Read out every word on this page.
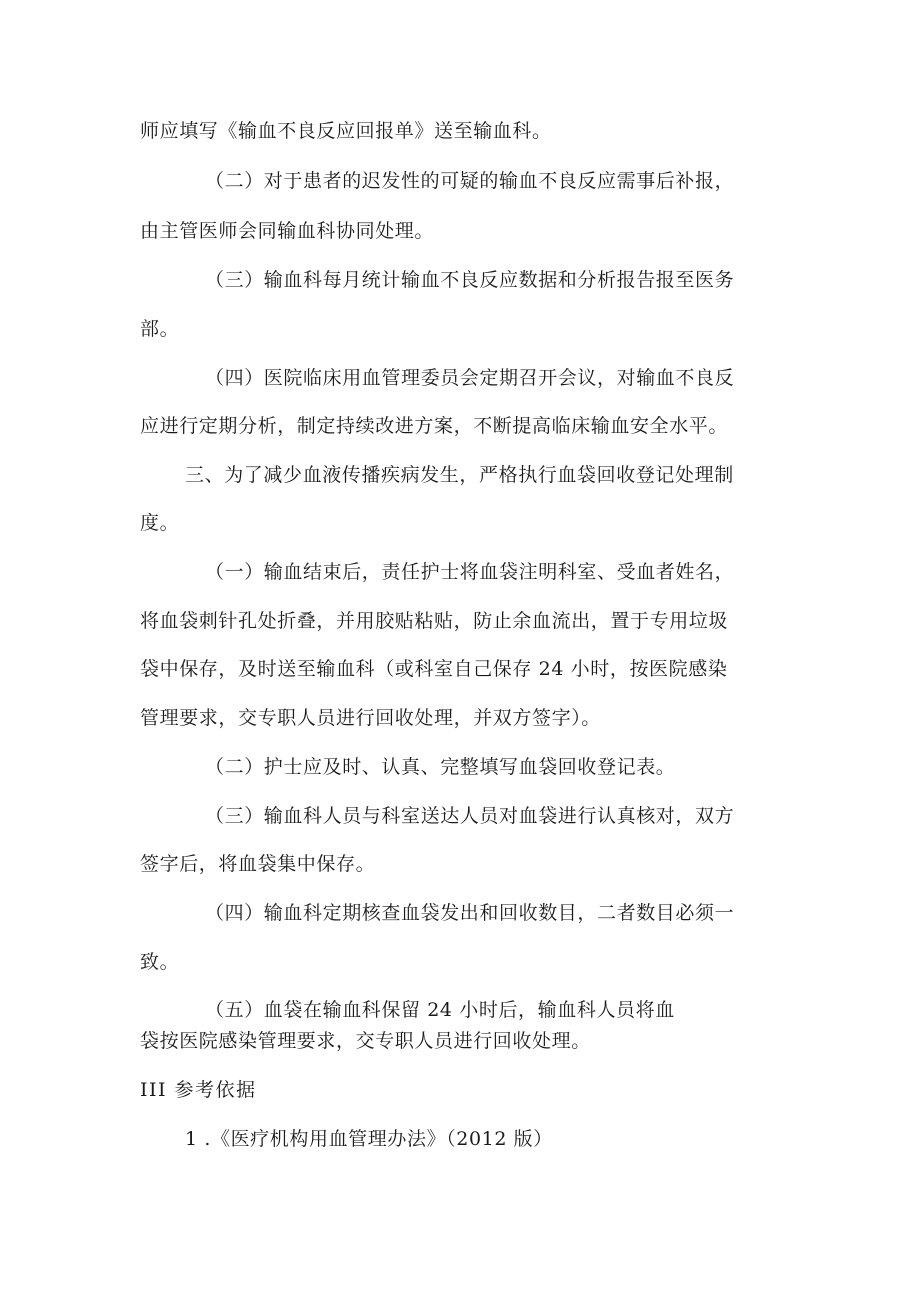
师应填写《输血不良反应回报单》送至输血科。
（二）对于患者的迟发性的可疑的输血不良反应需事后补报，
由主管医师会同输血科协同处理。
（三）输血科每月统计输血不良反应数据和分析报告报至医务
部。
（四）医院临床用血管理委员会定期召开会议，对输血不良反
应进行定期分析，制定持续改进方案，不断提高临床输血安全水平。
三、为了减少血液传播疾病发生，严格执行血袋回收登记处理制
度。
（一）输血结束后，责任护士将血袋注明科室、受血者姓名，
将血袋刺针孔处折叠，并用胶贴粘贴，防止余血流出，置于专用垃圾
袋中保存，及时送至输血科（或科室自己保存 24 小时，按医院感染
管理要求，交专职人员进行回收处理，并双方签字）。
（二）护士应及时、认真、完整填写血袋回收登记表。
（三）输血科人员与科室送达人员对血袋进行认真核对，双方
签字后，将血袋集中保存。
（四）输血科定期核查血袋发出和回收数目，二者数目必须一
致。
（五）血袋在输血科保留 24 小时后，输血科人员将血
袋按医院感染管理要求，交专职人员进行回收处理。
III 参考依据
1 .《医疗机构用血管理办法》（2012 版）
